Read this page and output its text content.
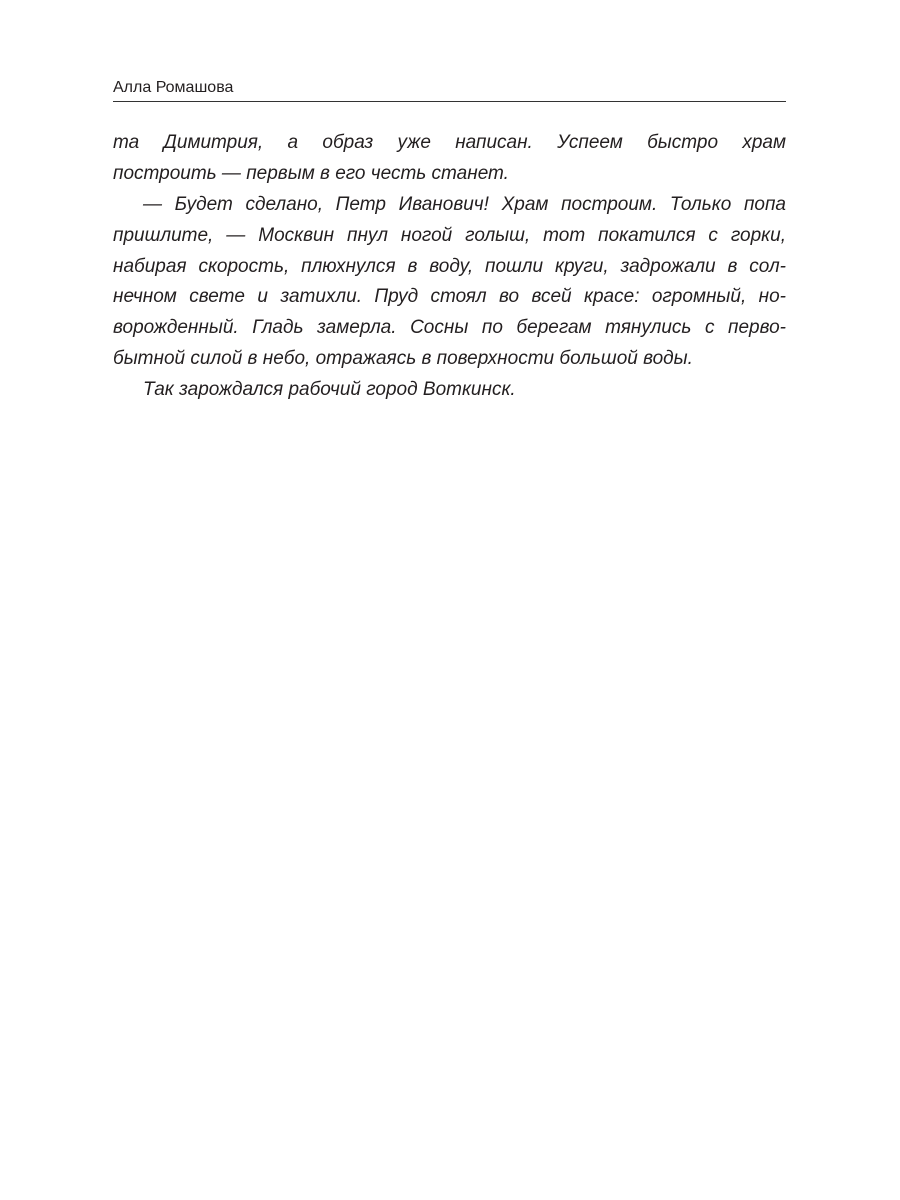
Алла Ромашова
та Димитрия, а образ уже написан. Успеем быстро храм
построить — первым в его честь станет.
— Будет сделано, Петр Иванович! Храм построим. Только попа
пришлите, — Москвин пнул ногой голыш, тот покатился с горки,
набирая скорость, плюхнулся в воду, пошли круги, задрожали в сол-
нечном свете и затихли. Пруд стоял во всей красе: огромный, но-
ворожденный. Гладь замерла. Сосны по берегам тянулись с перво-
бытной силой в небо, отражаясь в поверхности большой воды.
Так зарождался рабочий город Воткинск.
